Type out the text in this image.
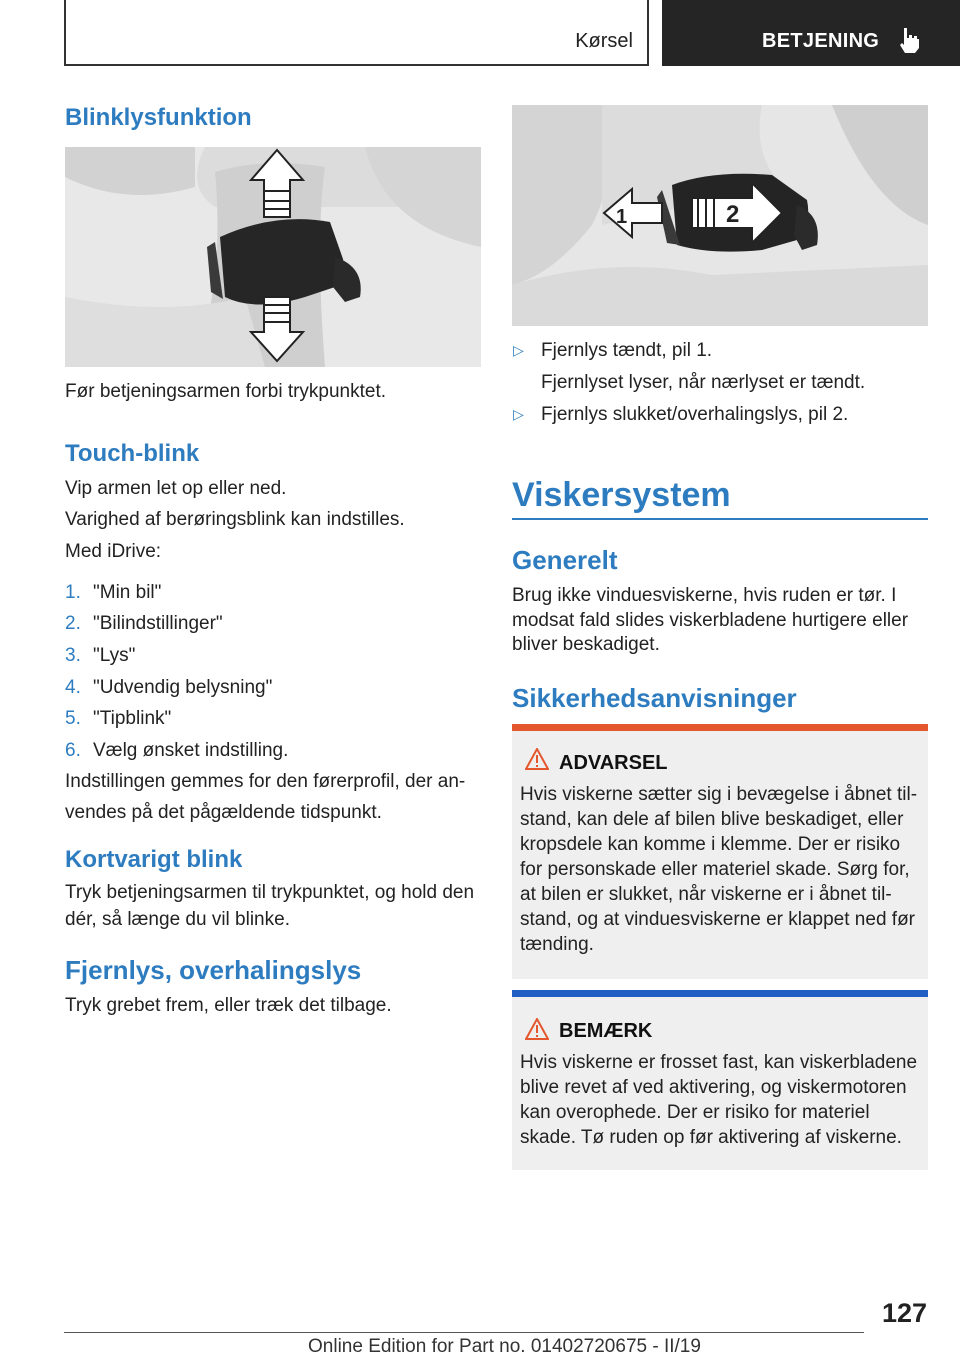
Kørsel	BETJENING
Blinklysfunktion
Før betjeningsarmen forbi trykpunktet.
Touch-blink
Vip armen let op eller ned.
Varighed af berøringsblink kan indstilles.
Med iDrive:
1. "Min bil"
2. "Bilindstillinger"
3. "Lys"
4. "Udvendig belysning"
5. "Tipblink"
6. Vælg ønsket indstilling.
Indstillingen gemmes for den førerprofil, der an-
vendes på det pågældende tidspunkt.
Kortvarigt blink
Tryk betjeningsarmen til trykpunktet, og hold den
dér, så længe du vil blinke.
Fjernlys, overhalingslys
Tryk grebet frem, eller træk det tilbage.
1	2
▷ Fjernlys tændt, pil 1.
Fjernlyset lyser, når nærlyset er tændt.
▷ Fjernlys slukket/overhalingslys, pil 2.
Viskersystem
Generelt
Brug ikke vinduesviskerne, hvis ruden er tør. I
modsat fald slides viskerbladene hurtigere eller
bliver beskadiget.
Sikkerhedsanvisninger
ADVARSEL
Hvis viskerne sætter sig i bevægelse i åbnet til-
stand, kan dele af bilen blive beskadiget, eller
kropsdele kan komme i klemme. Der er risiko
for personskade eller materiel skade. Sørg for,
at bilen er slukket, når viskerne er i åbnet til-
stand, og at vinduesviskerne er klappet ned før
tænding.
BEMÆRK
Hvis viskerne er frosset fast, kan viskerbladene
blive revet af ved aktivering, og viskermotoren
kan overophede. Der er risiko for materiel
skade. Tø ruden op før aktivering af viskerne.
127
Online Edition for Part no. 01402720675 - II/19
